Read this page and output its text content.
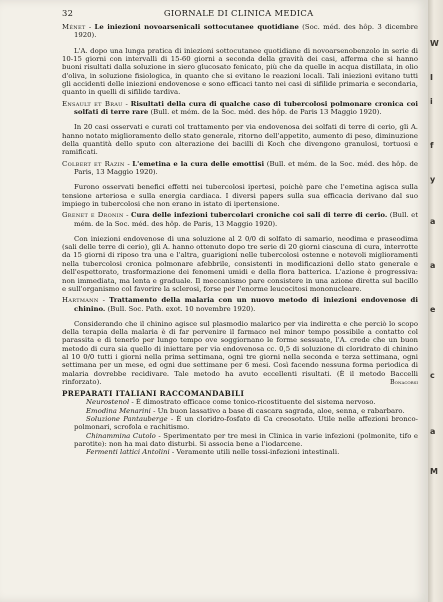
32	GIORNALE DI CLINICA MEDICA

Ménet - Le iniezioni novoarsenicali sottocutanee quotidiane (Soc. méd. des hôp. 3 dicembre 1920).

L'A. dopo una lunga pratica di iniezioni sottocutanee quotidiane di novoarsenobenzolo in serie di 10-15 giorni con intervalli di 15-60 giorni a seconda della gravità dei casi, afferma che si hanno buoni risultati dalla soluzione in siero glucosato fenicato, più che da quelle in acqua distillata, in olio d'oliva, in soluzione fisiologica, in quanto che si evitano le reazioni locali. Tali iniezioni evitano tutti gli accidenti delle iniezioni endovenose e sono efficaci tanto nei casi di sifilide primaria e secondaria, quanto in quelli di sifilide tardiva.

Ensault et Brau - Risultati della cura di qualche caso di tubercolosi polmonare cronica coi solfati di terre rare (Bull. et mém. de la Soc. méd. des hôp. de Paris 13 Maggio 1920).

In 20 casi osservati e curati col trattamento per via endovenosa dei solfati di terre di cerio, gli A. hanno notato miglioramento dello stato generale, ritorno dell'appetito, aumento di peso, diminuzione della quantità dello sputo con alterazione dei bacilli di Koch che divengono granulosi, tortuosi e ramificati.

Colbert et Razin - L'emetina e la cura delle emottisi (Bull. et mém. de la Soc. méd. des hôp. de Paris, 13 Maggio 1920).

Furono osservati benefici effetti nei tubercolosi ipertesi, poichè pare che l'emetina agisca sulla tensione arteriosa e sulla energia cardiaca. I diversi papers sulla sua efficacia derivano dal suo impiego in tubercolosi che non erano in istato di ipertensione.

Grenet e Dronin - Cura delle infezioni tubercolari croniche coi sali di terre di cerio. (Bull. et mém. de la Soc. méd. des hôp. de Paris, 13 Maggio 1920).

Con iniezioni endovenose di una soluzione al 2 0/0 di solfato di samario, neodima e praseodima (sali delle terre di cerio), gli A. hanno ottenuto dopo tre serie di 20 giorni ciascuna di cura, interrotte da 15 giorni di riposo tra una e l'altra, guarigioni nelle tubercolosi ostenne e notevoli miglioramenti nella tubercolosi cronica polmonare afebbrile, consistenti in modificazioni dello stato generale e dell'espettorato, trasformazione dei fenomeni umidi e della flora batterica. L'azione è progressiva: non immediata, ma lenta e graduale. Il meccanismo pare consistere in una azione diretta sul bacillo e sull'organismo col favorire la sclerosi, forse per l'enorme leucocitosi mononucleare.

Hartmann - Trattamento della malaria con un nuovo metodo di iniezioni endovenose di chinino. (Bull. Soc. Path. exot. 10 novembre 1920).

Considerando che il chinino agisce sul plasmodio malarico per via indiretta e che perciò lo scopo della terapia della malaria è di far pervenire il farmaco nel minor tempo possibile a contatto col parassita e di tenerlo per lungo tempo ove soggiornano le forme sessuate, l'A. crede che un buon metodo di cura sia quello di iniettare per via endovenosa cc. 0,5 di soluzione di cloridrato di chinino al 10 0/0 tutti i giorni nella prima settimana, ogni tre giorni nella seconda e terza settimana, ogni settimana per un mese, ed ogni due settimane per 6 mesi. Così facendo nessuna forma periodica di malaria dovrebbe recidivare. Tale metodo ha avuto eccellenti risultati. (È il metodo Baccelli rinforzato).	Bonacorsi
PREPARATI ITALIANI RACCOMANDABILI

Neurostenol - È dimostrato efficace come tonico-ricostituente del sistema nervoso.

Emodina Menarini - Un buon lassativo a base di cascara sagrada, aloe, senna, e rabarbaro.

Soluzione Pantauberge - È un cloridro-fosfato di Ca creosotato. Utile nelle affezioni bronco-polmonari, scrofola e rachitismo.

Chinammina Cutolo - Sperimentato per tre mesi in Clinica in varie infezioni (polmonite, tifo e parotite): non ha mai dato disturbi. Si associa bene a l'iodarcene.

Fermenti lattici Antolini - Veramente utili nelle tossi-infezioni intestinali.

W
I
i
f
y
a
a
e
c
a
M
